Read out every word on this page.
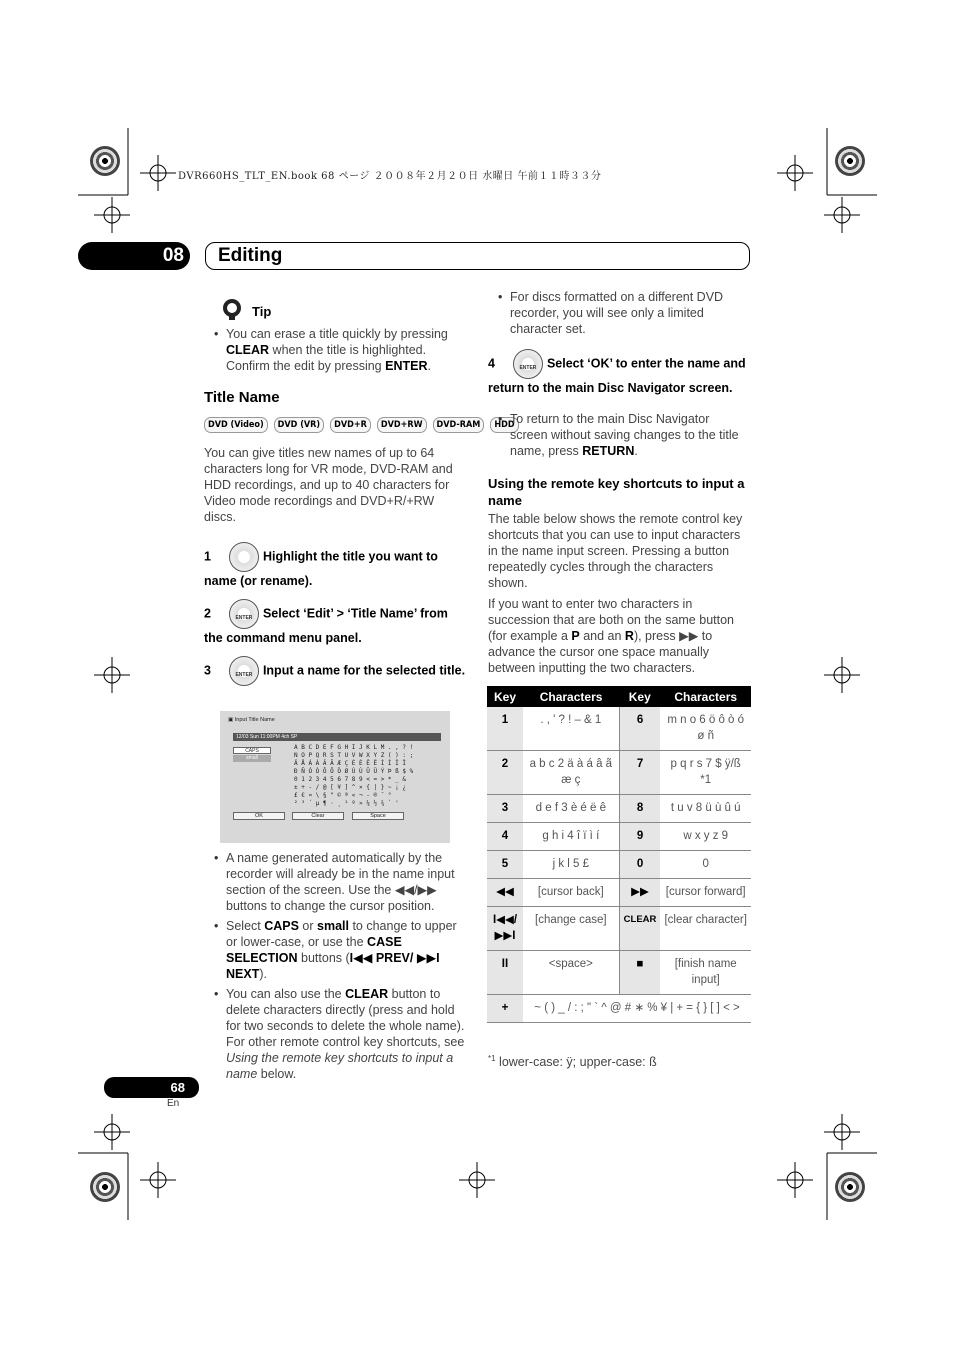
DVR660HS_TLT_EN.book 68 ページ ２００８年２月２０日 水曜日 午前１１時３３分
08	Editing
Tip

• You can erase a title quickly by pressing CLEAR when the title is highlighted. Confirm the edit by pressing ENTER.

Title Name
DVD (Video)	DVD (VR)	DVD+R	DVD+RW	DVD-RAM	HDD

You can give titles new names of up to 64 characters long for VR mode, DVD-RAM and HDD recordings, and up to 40 characters for Video mode recordings and DVD+R/+RW discs.

1	Highlight the title you want to name (or rename).
2	ENTER Select ‘Edit’ > ‘Title Name’ from the command menu panel.
3	ENTER Input a name for the selected title.
▣ Input Title Name
12/03 Sun 11:00PM 4ch SP
CAPS
small
A B C D E F G H I J K L M . , ? !
N O P Q R S T U V W X Y Z ( ) : ;
Ä Å Á À Â Ã Æ Ç É È Ê Ë Í Ì Î Ï
Ð Ñ Ó Ò Ô Õ Ö Ø Ú Ù Û Ü Ý Þ ß $ %
0 1 2 3 4 5 6 7 8 9 < = > * _ &
± + - / @ [ ¥ ] ^ × { | } ~ ¡ ¿
£ € ¤ \ § " © ª « ¬ - ® ¯ °
² ³ ´ µ ¶ · ¸ ¹ º » ¼ ½ ¾ ` '
OK	Clear	Space

• A name generated automatically by the recorder will already be in the name input section of the screen. Use the ◀◀/▶▶ buttons to change the cursor position.

• Select CAPS or small to change to upper or lower-case, or use the CASE SELECTION buttons (I◀◀ PREV/ ▶▶I NEXT).

• You can also use the CLEAR button to delete characters directly (press and hold for two seconds to delete the whole name). For other remote control key shortcuts, see Using the remote key shortcuts to input a name below.

• For discs formatted on a different DVD recorder, you will see only a limited character set.

4	ENTER Select ‘OK’ to enter the name and return to the main Disc Navigator screen.

• To return to the main Disc Navigator screen without saving changes to the title name, press RETURN.

Using the remote key shortcuts to input a name

The table below shows the remote control key shortcuts that you can use to input characters in the name input screen. Pressing a button repeatedly cycles through the characters shown.

If you want to enter two characters in succession that are both on the same button (for example a P and an R), press ▶▶ to advance the cursor one space manually between inputting the two characters.

Key	Characters	Key	Characters
1	. , ' ? ! – & 1	6	m n o 6 ö ô ò ó ø ñ
2	a b c 2 ä à á â ã æ ç	7	p q r s 7 $ ÿ/ß *1
3	d e f 3 è é ë ê	8	t u v 8 ü ù û ú
4	g h i 4 î ï ì í	9	w x y z 9
5	j k l 5 £	0	0
◀◀	[cursor back]	▶▶	[cursor forward]
I◀◀/ ▶▶I	[change case]	CLEAR	[clear character]
II	<space>	■	[finish name input]
+	~ ( ) _ / : ; " ` ^ @ # ∗ % ¥ | + = { } [ ] < >		
$^{*1}$ lower-case: ÿ; upper-case: ß
68
En
